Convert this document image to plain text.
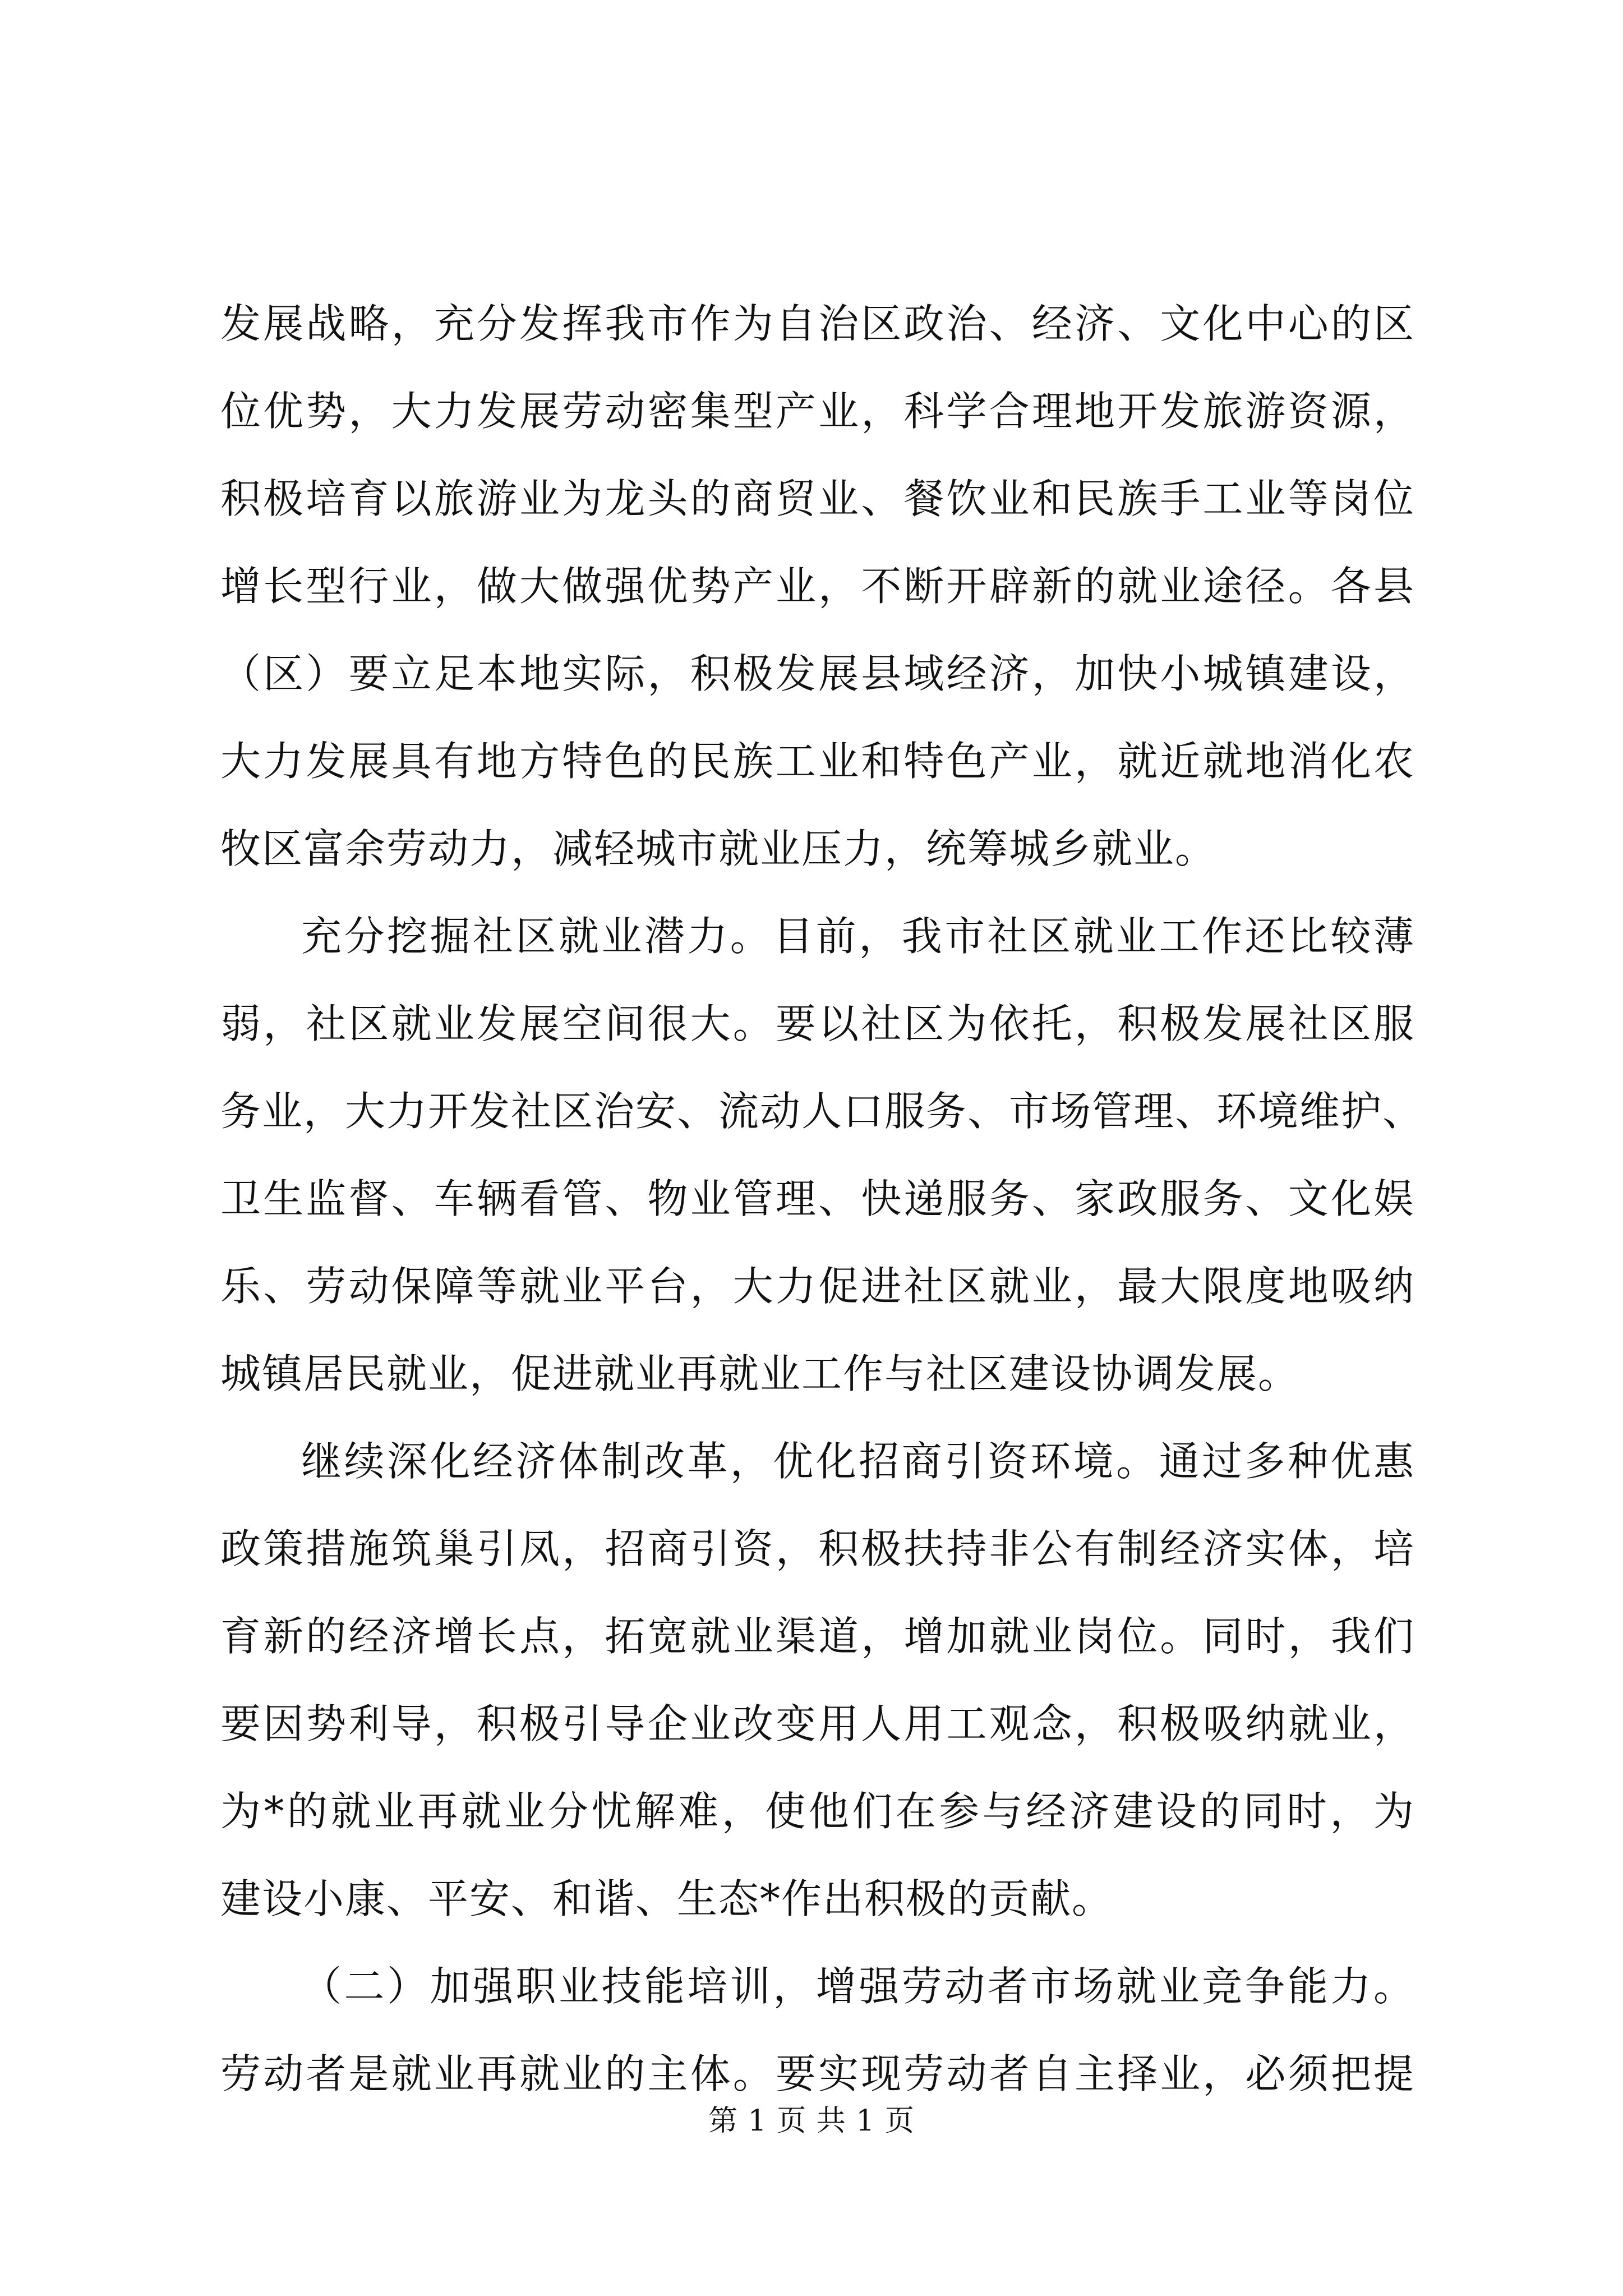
发展战略，充分发挥我市作为自治区政治、经济、文化中心的区
位优势，大力发展劳动密集型产业，科学合理地开发旅游资源，
积极培育以旅游业为龙头的商贸业、餐饮业和民族手工业等岗位
增长型行业，做大做强优势产业，不断开辟新的就业途径。各县
（区）要立足本地实际，积极发展县域经济，加快小城镇建设，
大力发展具有地方特色的民族工业和特色产业，就近就地消化农
牧区富余劳动力，减轻城市就业压力，统筹城乡就业。
充分挖掘社区就业潜力。目前，我市社区就业工作还比较薄
弱，社区就业发展空间很大。要以社区为依托，积极发展社区服
务业，大力开发社区治安、流动人口服务、市场管理、环境维护、
卫生监督、车辆看管、物业管理、快递服务、家政服务、文化娱
乐、劳动保障等就业平台，大力促进社区就业，最大限度地吸纳
城镇居民就业，促进就业再就业工作与社区建设协调发展。
继续深化经济体制改革，优化招商引资环境。通过多种优惠
政策措施筑巢引凤，招商引资，积极扶持非公有制经济实体，培
育新的经济增长点，拓宽就业渠道，增加就业岗位。同时，我们
要因势利导，积极引导企业改变用人用工观念，积极吸纳就业，
为*的就业再就业分忧解难，使他们在参与经济建设的同时，为
建设小康、平安、和谐、生态*作出积极的贡献。
（二）加强职业技能培训，增强劳动者市场就业竞争能力。
劳动者是就业再就业的主体。要实现劳动者自主择业，必须把提
第 1 页 共 1 页
